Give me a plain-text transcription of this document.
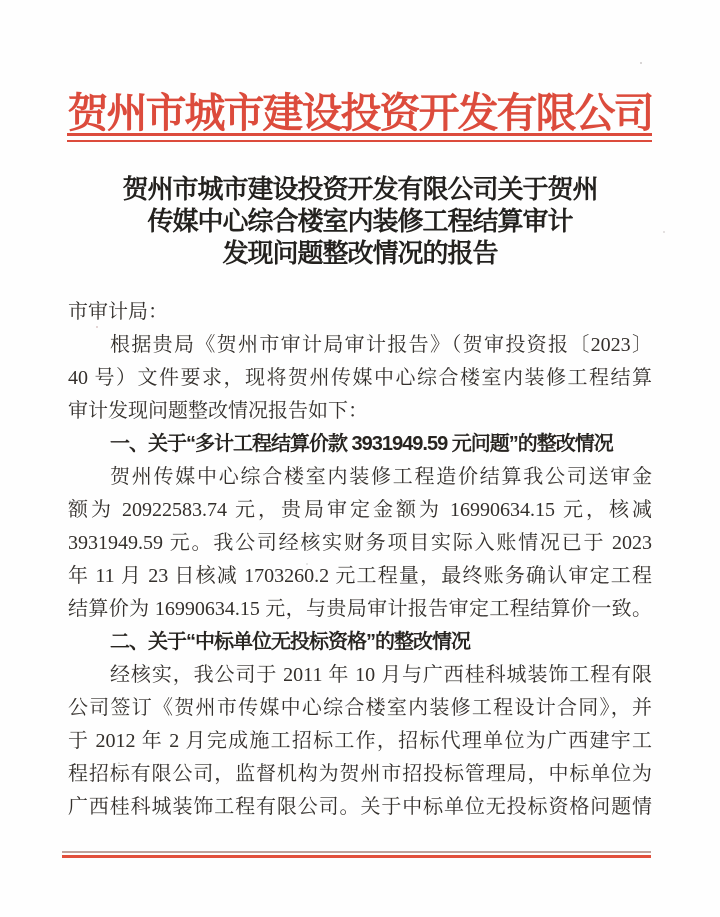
贺州市城市建设投资开发有限公司
贺州市城市建设投资开发有限公司关于贺州
传媒中心综合楼室内装修工程结算审计
发现问题整改情况的报告

市审计局：

根据贵局《贺州市审计局审计报告》（贺审投资报〔2023〕

40 号）文件要求，现将贺州传媒中心综合楼室内装修工程结算

审计发现问题整改情况报告如下：

一、关于“多计工程结算价款 3931949.59 元问题”的整改情况

贺州传媒中心综合楼室内装修工程造价结算我公司送审金

额为 20922583.74 元，贵局审定金额为 16990634.15 元，核减

3931949.59 元。我公司经核实财务项目实际入账情况已于 2023

年 11 月 23 日核减 1703260.2 元工程量，最终账务确认审定工程

结算价为 16990634.15 元，与贵局审计报告审定工程结算价一致。

二、关于“中标单位无投标资格”的整改情况

经核实，我公司于 2011 年 10 月与广西桂科城装饰工程有限

公司签订《贺州市传媒中心综合楼室内装修工程设计合同》，并

于 2012 年 2 月完成施工招标工作，招标代理单位为广西建宇工

程招标有限公司，监督机构为贺州市招投标管理局，中标单位为

广西桂科城装饰工程有限公司。关于中标单位无投标资格问题情
